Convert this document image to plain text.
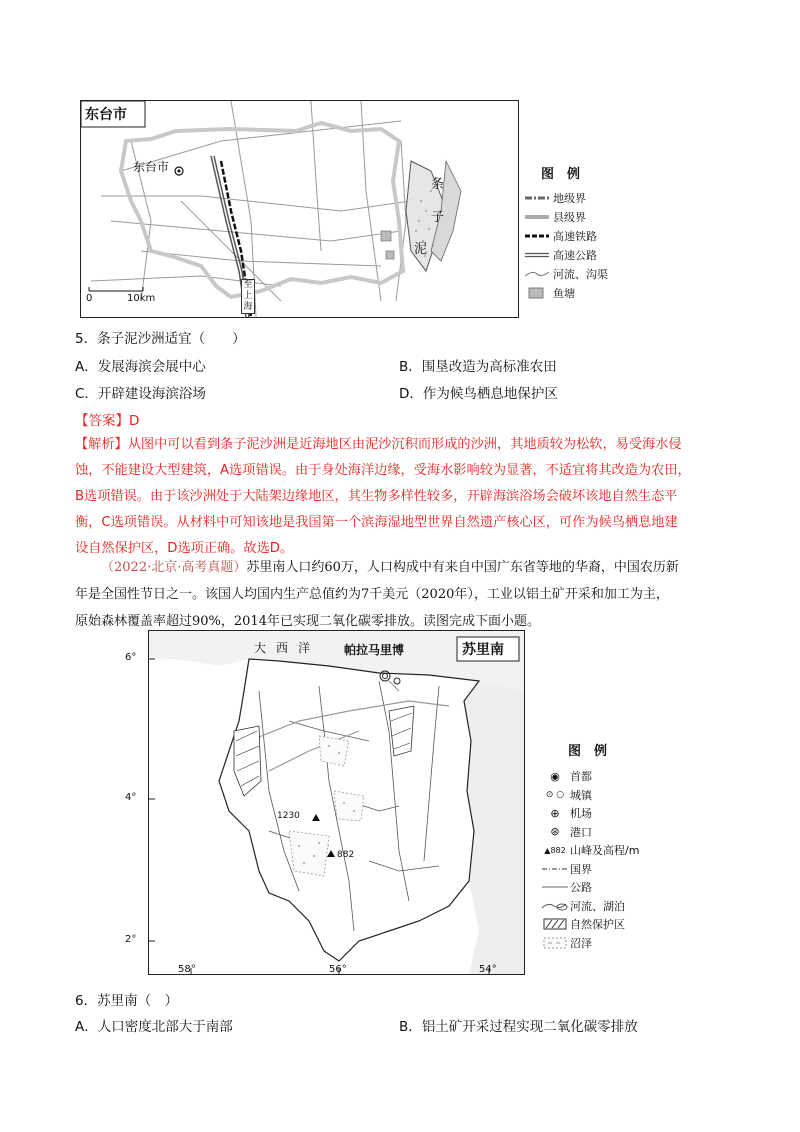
东台市
东台市
条
子
泥
至
上
海
0	10km
图　例
地级界
县级界
高速铁路
高速公路
河流、沟渠
鱼塘
5．条子泥沙洲适宜（　　）
A．发展海滨会展中心	B．围垦改造为高标准农田
C．开辟建设海滨浴场	D．作为候鸟栖息地保护区
【答案】D
【解析】从图中可以看到条子泥沙洲是近海地区由泥沙沉积而形成的沙洲，其地质较为松软，易受海水侵
蚀，不能建设大型建筑，A选项错误。由于身处海洋边缘，受海水影响较为显著，不适宜将其改造为农田，
B选项错误。由于该沙洲处于大陆架边缘地区，其生物多样性较多，开辟海滨浴场会破坏该地自然生态平
衡，C选项错误。从材料中可知该地是我国第一个滨海湿地型世界自然遗产核心区，可作为候鸟栖息地建
设自然保护区，D选项正确。故选D。
（2022·北京·高考真题）苏里南人口约60万，人口构成中有来自中国广东省等地的华裔，中国农历新
年是全国性节日之一。该国人均国内生产总值约为7千美元（2020年），工业以铝土矿开采和加工为主，
原始森林覆盖率超过90%，2014年已实现二氧化碳零排放。读图完成下面小题。
苏里南
帕拉马里博
大西洋
1230
882
6°
4°
2°
58°	56°	54°
图　例
◉ 首都
⊙ ○ 城镇
⊕ 机场
⊛ 港口
▲882 山峰及高程/m
国界
公路
河流、湖泊
自然保护区
沼泽
6．苏里南（　）
A．人口密度北部大于南部	B．铝土矿开采过程实现二氧化碳零排放
